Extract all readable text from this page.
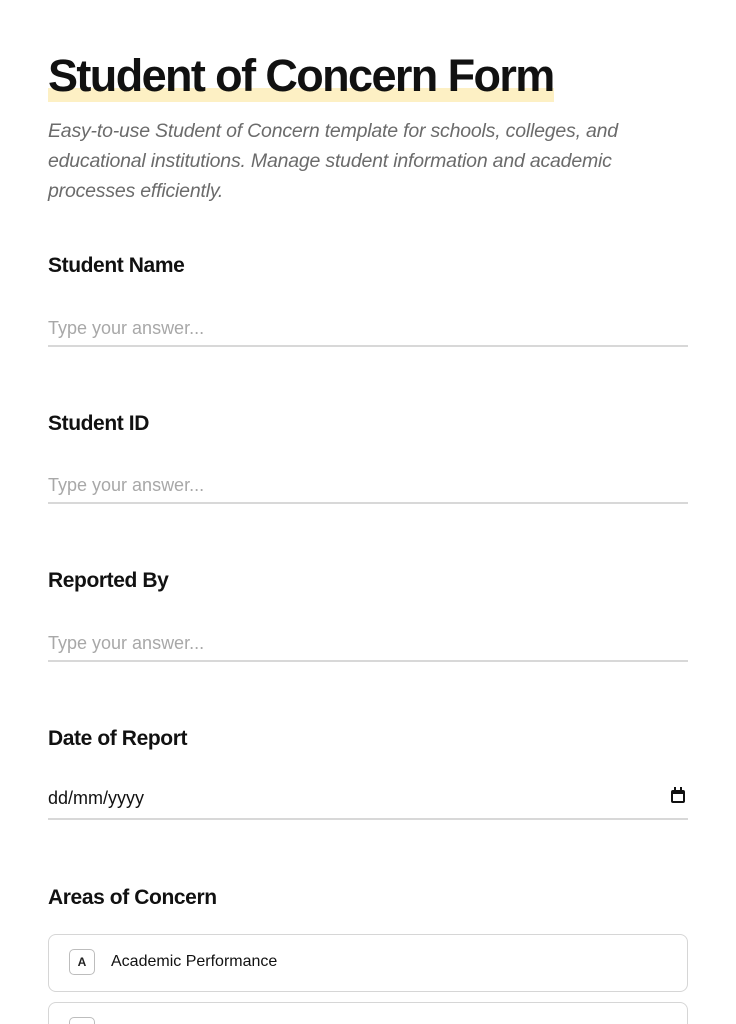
Student of Concern Form

Easy-to-use Student of Concern template for schools, colleges, and educational institutions. Manage student information and academic processes efficiently.

Student Name
Type your answer...
Student ID
Type your answer...
Reported By
Type your answer...
Date of Report
dd/mm/yyyy
Areas of Concern
A	Academic Performance
